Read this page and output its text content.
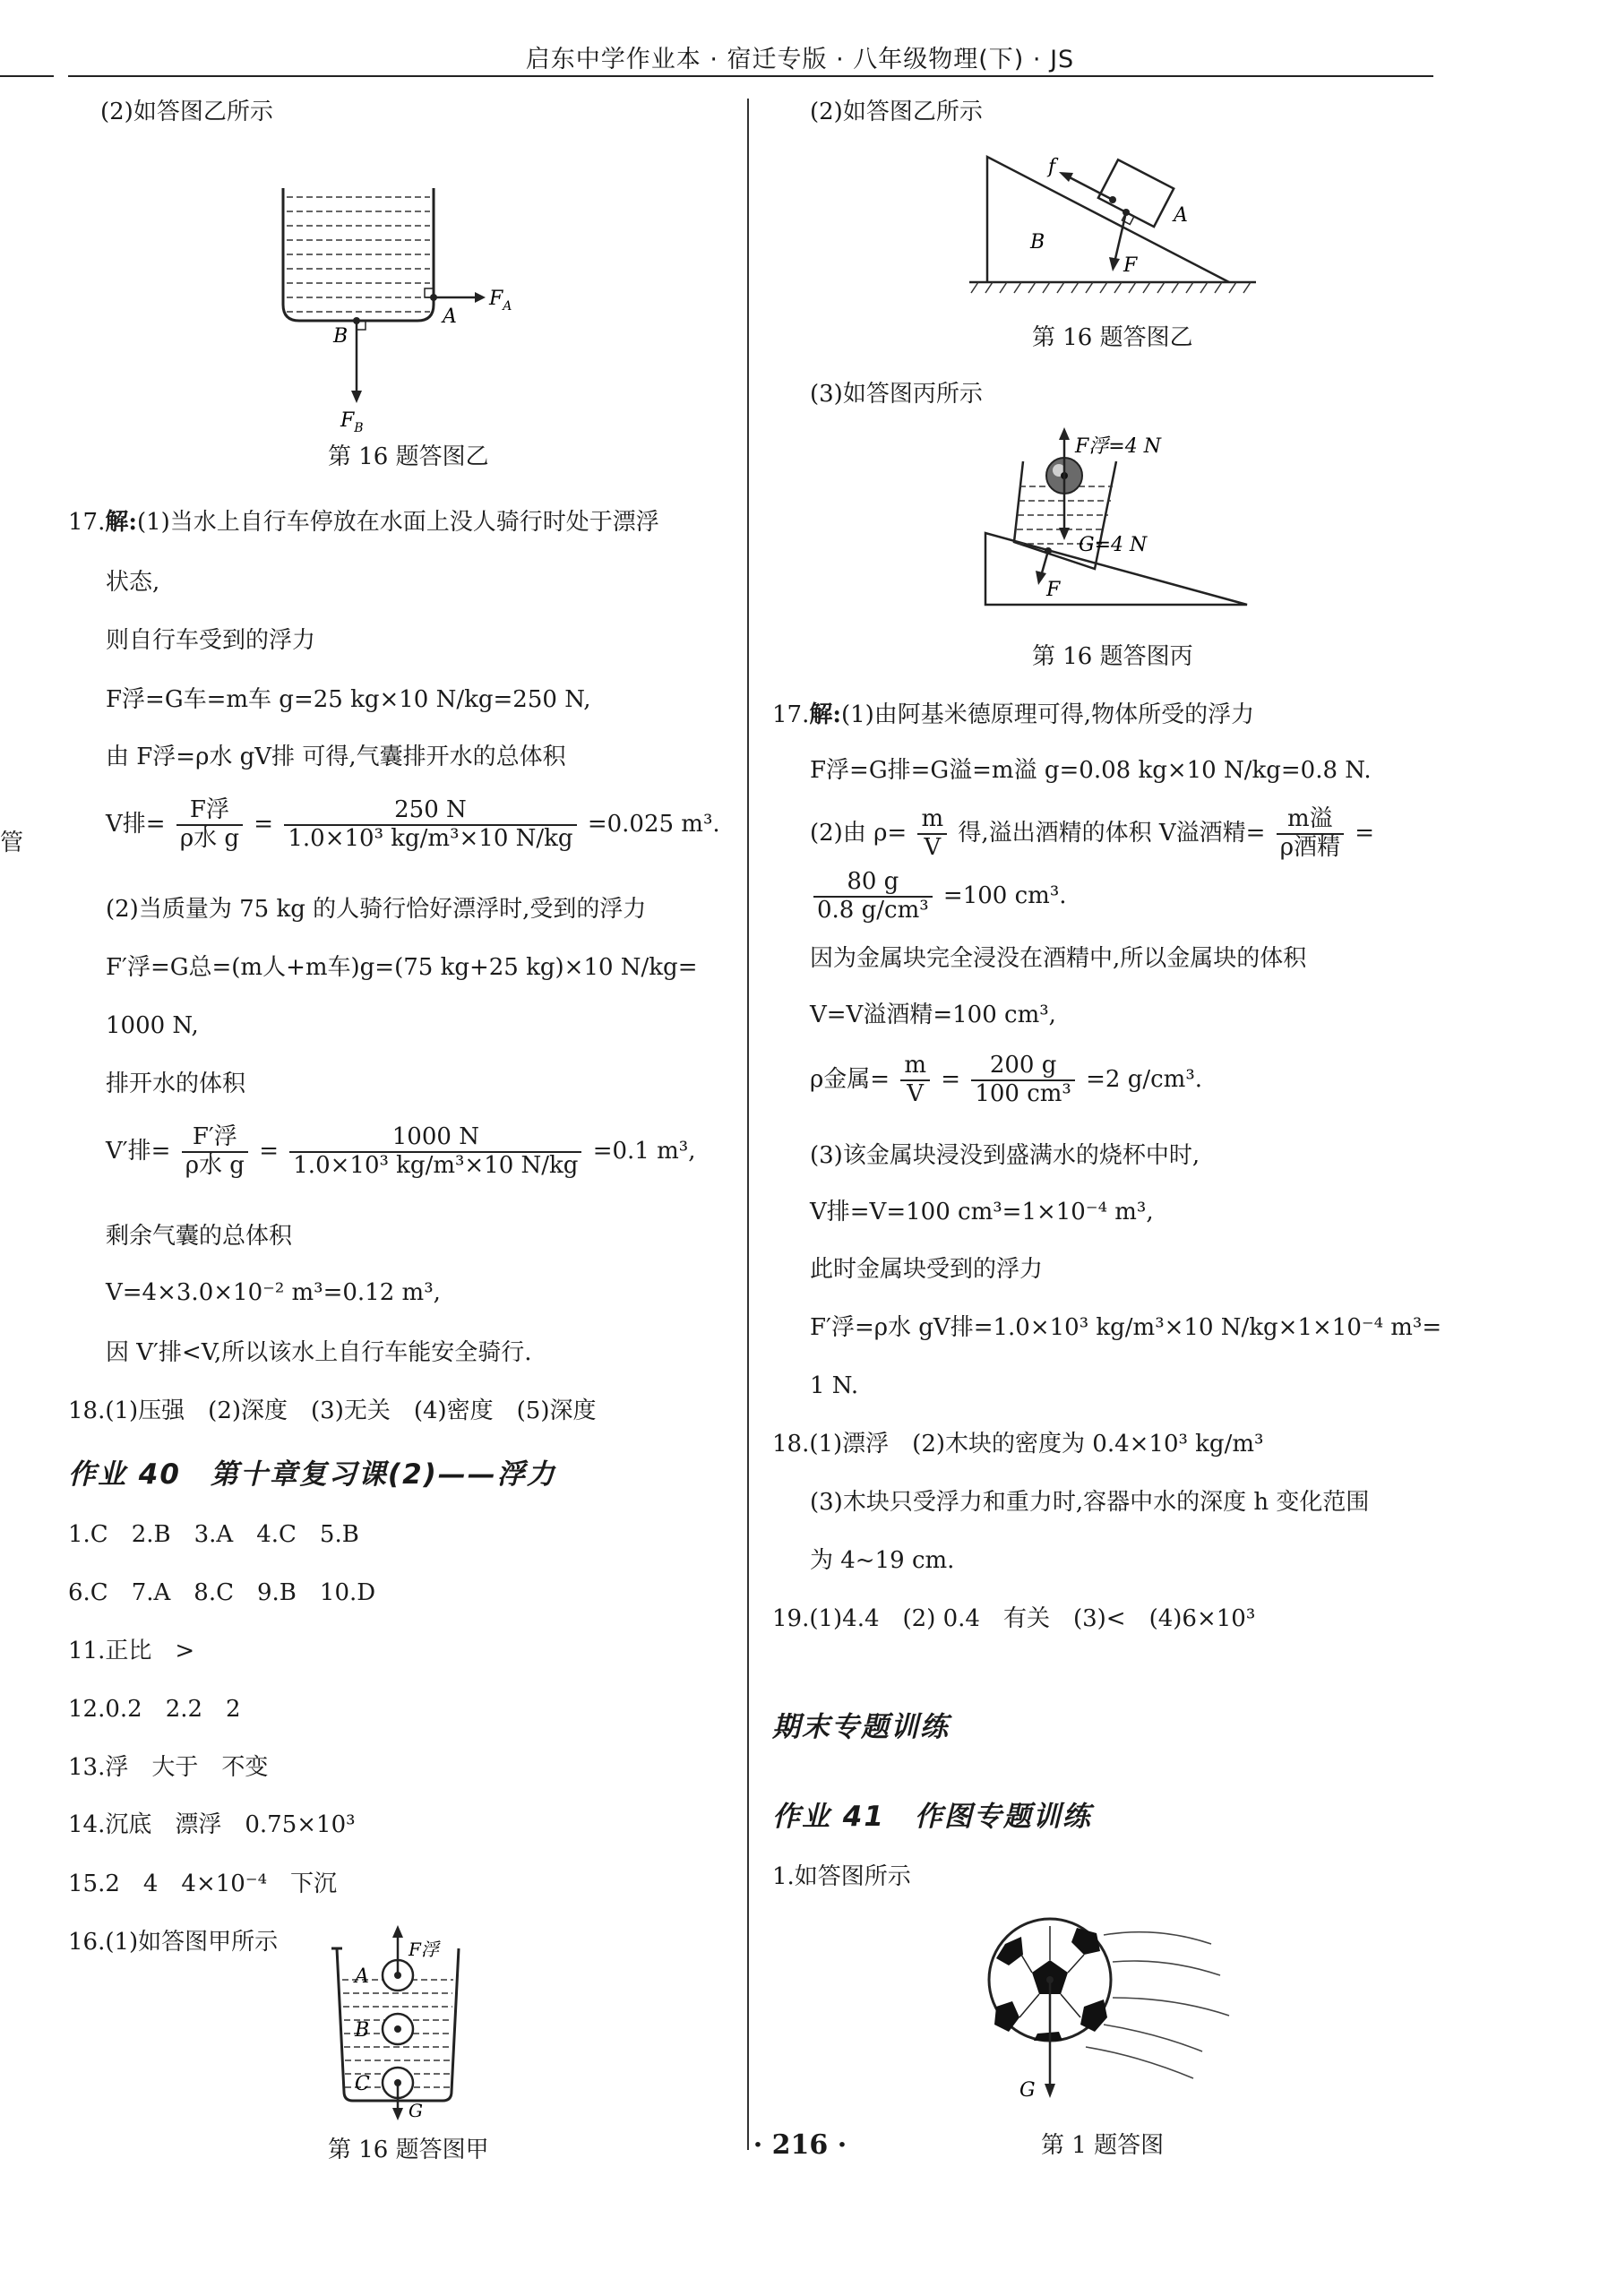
启东中学作业本 · 宿迁专版 · 八年级物理(下) · JS
管
(2)如答图乙所示
A
$F_A$
B
$F_B$
第 16 题答图乙
17.解:(1)当水上自行车停放在水面上没人骑行时处于漂浮
状态,
则自行车受到的浮力
F浮=G车=m车 g=25 kg×10 N/kg=250 N,
由 F浮=ρ水 gV排 可得,气囊排开水的总体积
V排= $\frac{\text{F浮}}{\text{ρ水 g}} = \frac{250 N}{\text{1.0×10³ kg/m³×10 N/kg}} =0.025$ m³.
(2)当质量为 75 kg 的人骑行恰好漂浮时,受到的浮力
F′浮=G总=(m人+m车)g=(75 kg+25 kg)×10 N/kg=
1000 N,
排开水的体积
V′排= $\frac{\text{F′浮}}{\text{ρ水 g}} = \frac{1000 N}{\text{1.0×10³ kg/m³×10 N/kg}} =0.1$ m³,
剩余气囊的总体积
V=4×3.0×10⁻² m³=0.12 m³,
因 V′排<V,所以该水上自行车能安全骑行.
18.(1)压强　(2)深度　(3)无关　(4)密度　(5)深度
作业 40　第十章复习课(2)——浮力
1.C　2.B　3.A　4.C　5.B
6.C　7.A　8.C　9.B　10.D
11.正比　>
12.0.2　2.2　2
13.浮　大于　不变
14.沉底　漂浮　0.75×10³
15.2　4　4×10⁻⁴　下沉
16.(1)如答图甲所示
A
B
C
F浮
G
第 16 题答图甲
(2)如答图乙所示
f
A
B
F
第 16 题答图乙
(3)如答图丙所示
F浮=4 N
G=4 N
F
第 16 题答图丙
17.解:(1)由阿基米德原理可得,物体所受的浮力
F浮=G排=G溢=m溢 g=0.08 kg×10 N/kg=0.8 N.
(2)由 $\rho= \frac{m}{V}$ 得,溢出酒精的体积 V溢酒精= $\frac{\text{m溢}}{\text{ρ酒精}}$ =
$\frac{80 g}{\text{0.8 g/cm³}} =100$ cm³.
因为金属块完全浸没在酒精中,所以金属块的体积
V=V溢酒精=100 cm³,
ρ金属= $\frac{m}{V} = \frac{200 g}{\text{100 cm³}} =2$ g/cm³.
(3)该金属块浸没到盛满水的烧杯中时,
V排=V=100 cm³=1×10⁻⁴ m³,
此时金属块受到的浮力
F′浮=ρ水 gV排=1.0×10³ kg/m³×10 N/kg×1×10⁻⁴ m³=
1 N.
18.(1)漂浮　(2)木块的密度为 0.4×10³ kg/m³
(3)木块只受浮力和重力时,容器中水的深度 h 变化范围
为 4~19 cm.
19.(1)4.4　(2) 0.4　有关　(3)<　(4)6×10³
期末专题训练
作业 41　作图专题训练
1.如答图所示
G
第 1 题答图
· 216 ·
